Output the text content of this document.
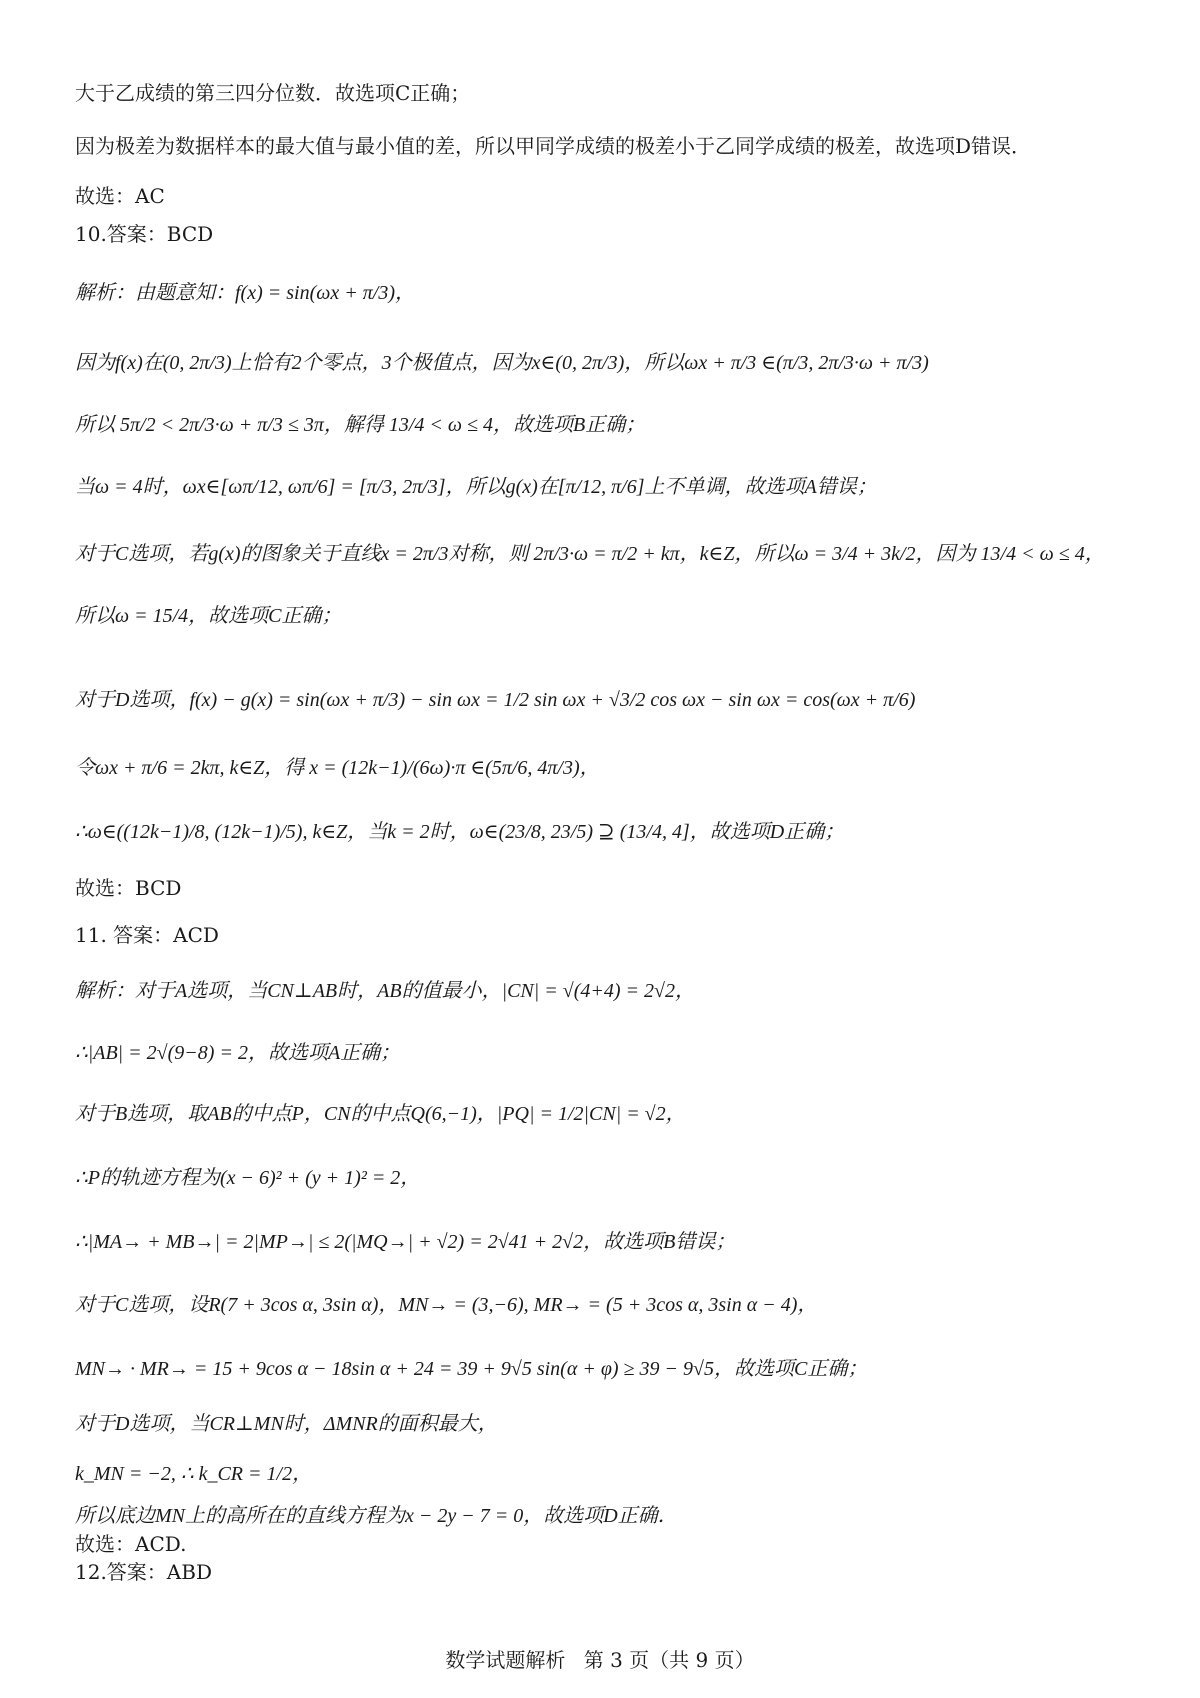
大于乙成绩的第三四分位数．故选项C正确；
因为极差为数据样本的最大值与最小值的差，所以甲同学成绩的极差小于乙同学成绩的极差，故选项D错误．
故选：AC
10.答案：BCD
解析：由题意知：f(x) = sin(ωx + π/3)，
因为f(x)在(0, 2π/3)上恰有2个零点，3个极值点，因为x∈(0, 2π/3)，所以ωx + π/3 ∈(π/3, 2π/3·ω + π/3)
所以 5π/2 < 2π/3·ω + π/3 ≤ 3π，解得 13/4 < ω ≤ 4，故选项B正确；
当ω = 4时，ωx∈[ωπ/12, ωπ/6] = [π/3, 2π/3]，所以g(x)在[π/12, π/6]上不单调，故选项A错误；
对于C选项，若g(x)的图象关于直线x = 2π/3对称，则 2π/3·ω = π/2 + kπ，k∈Z，所以ω = 3/4 + 3k/2，因为 13/4 < ω ≤ 4，
所以ω = 15/4，故选项C正确；
对于D选项，f(x) − g(x) = sin(ωx + π/3) − sin ωx = 1/2 sin ωx + √3/2 cos ωx − sin ωx = cos(ωx + π/6)
令ωx + π/6 = 2kπ, k∈Z，得 x = (12k−1)/(6ω)·π ∈(5π/6, 4π/3)，
∴ω∈((12k−1)/8, (12k−1)/5), k∈Z，当k = 2时，ω∈(23/8, 23/5) ⊇ (13/4, 4]，故选项D正确；
故选：BCD
11. 答案：ACD
解析：对于A选项，当CN⊥AB时，AB的值最小，|CN| = √(4+4) = 2√2，
∴|AB| = 2√(9−8) = 2，故选项A正确；
对于B选项，取AB的中点P，CN的中点Q(6,−1)，|PQ| = 1/2|CN| = √2，
∴P的轨迹方程为(x − 6)² + (y + 1)² = 2，
∴|MA→ + MB→| = 2|MP→| ≤ 2(|MQ→| + √2) = 2√41 + 2√2，故选项B错误；
对于C选项，设R(7 + 3cos α, 3sin α)，MN→ = (3,−6), MR→ = (5 + 3cos α, 3sin α − 4)，
MN→ · MR→ = 15 + 9cos α − 18sin α + 24 = 39 + 9√5 sin(α + φ) ≥ 39 − 9√5，故选项C正确；
对于D选项，当CR⊥MN时，ΔMNR的面积最大，
k_MN = −2, ∴ k_CR = 1/2，
所以底边MN上的高所在的直线方程为x − 2y − 7 = 0，故选项D正确．
故选：ACD.
12.答案：ABD
数学试题解析 第 3 页（共 9 页）
